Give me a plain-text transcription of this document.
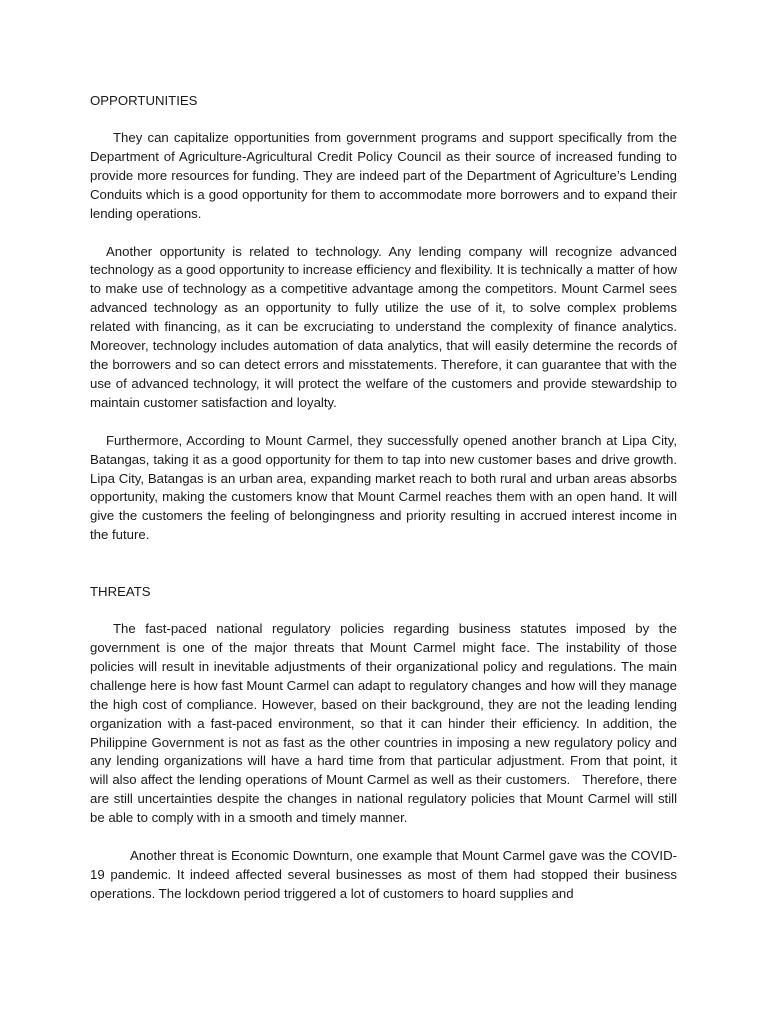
OPPORTUNITIES

They can capitalize opportunities from government programs and support specifically from the Department of Agriculture-Agricultural Credit Policy Council as their source of increased funding to provide more resources for funding. They are indeed part of the Department of Agriculture’s Lending Conduits which is a good opportunity for them to accommodate more borrowers and to expand their lending operations.

Another opportunity is related to technology. Any lending company will recognize advanced technology as a good opportunity to increase efficiency and flexibility. It is technically a matter of how to make use of technology as a competitive advantage among the competitors. Mount Carmel sees advanced technology as an opportunity to fully utilize the use of it, to solve complex problems related with financing, as it can be excruciating to understand the complexity of finance analytics. Moreover, technology includes automation of data analytics, that will easily determine the records of the borrowers and so can detect errors and misstatements. Therefore, it can guarantee that with the use of advanced technology, it will protect the welfare of the customers and provide stewardship to maintain customer satisfaction and loyalty.

Furthermore, According to Mount Carmel, they successfully opened another branch at Lipa City, Batangas, taking it as a good opportunity for them to tap into new customer bases and drive growth. Lipa City, Batangas is an urban area, expanding market reach to both rural and urban areas absorbs opportunity, making the customers know that Mount Carmel reaches them with an open hand. It will give the customers the feeling of belongingness and priority resulting in accrued interest income in the future.

THREATS

The fast-paced national regulatory policies regarding business statutes imposed by the government is one of the major threats that Mount Carmel might face. The instability of those policies will result in inevitable adjustments of their organizational policy and regulations. The main challenge here is how fast Mount Carmel can adapt to regulatory changes and how will they manage the high cost of compliance. However, based on their background, they are not the leading lending organization with a fast-paced environment, so that it can hinder their efficiency. In addition, the Philippine Government is not as fast as the other countries in imposing a new regulatory policy and any lending organizations will have a hard time from that particular adjustment. From that point, it will also affect the lending operations of Mount Carmel as well as their customers.   Therefore, there are still uncertainties despite the changes in national regulatory policies that Mount Carmel will still be able to comply with in a smooth and timely manner.

Another threat is Economic Downturn, one example that Mount Carmel gave was the COVID-19 pandemic. It indeed affected several businesses as most of them had stopped their business operations. The lockdown period triggered a lot of customers to hoard supplies and
